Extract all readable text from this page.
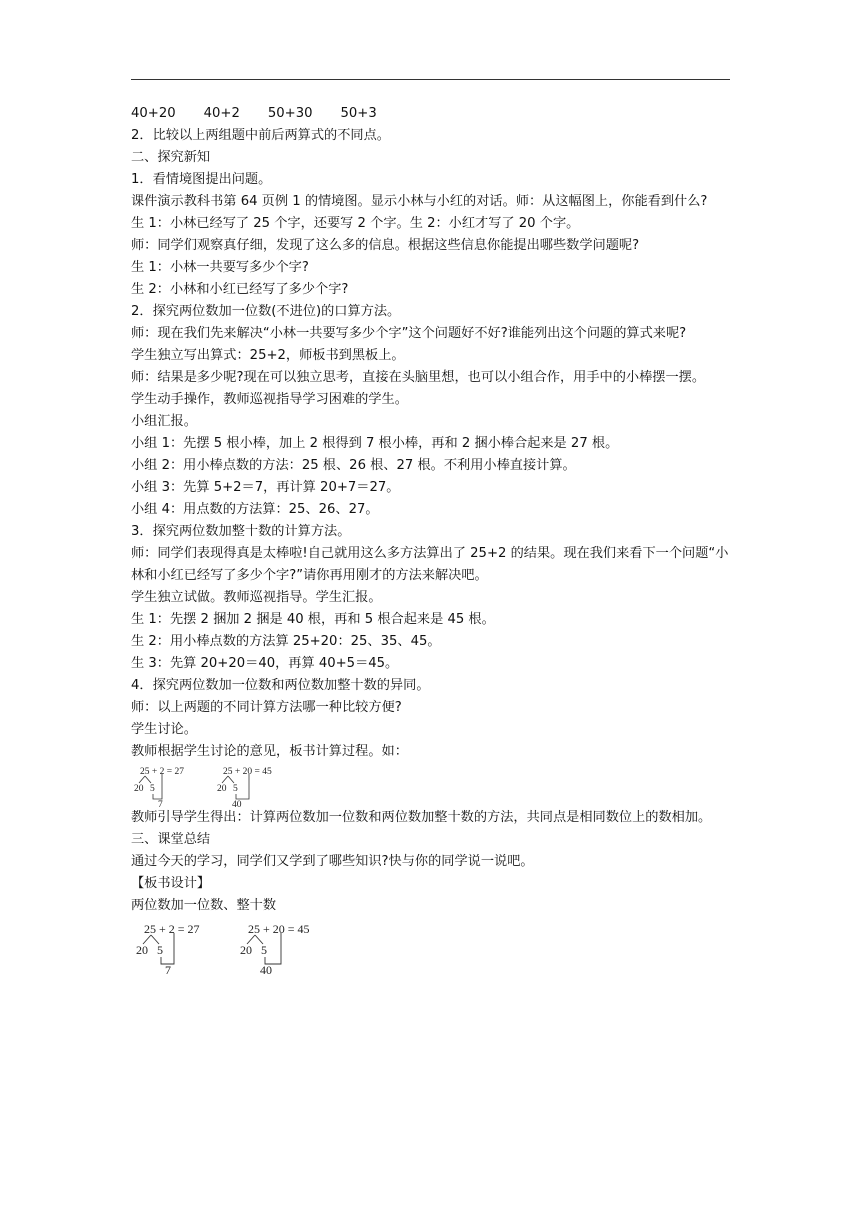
40+20 40+2 50+30 50+3

2．比较以上两组题中前后两算式的不同点。

二、探究新知

1．看情境图提出问题。

课件演示教科书第 64 页例 1 的情境图。显示小林与小红的对话。师：从这幅图上，你能看到什么?

生 1：小林已经写了 25 个字，还要写 2 个字。生 2：小红才写了 20 个字。

师：同学们观察真仔细，发现了这么多的信息。根据这些信息你能提出哪些数学问题呢?

生 1：小林一共要写多少个字?

生 2：小林和小红已经写了多少个字?

2．探究两位数加一位数(不进位)的口算方法。

师：现在我们先来解决“小林一共要写多少个字”这个问题好不好?谁能列出这个问题的算式来呢?

学生独立写出算式：25+2，师板书到黑板上。

师：结果是多少呢?现在可以独立思考，直接在头脑里想，也可以小组合作，用手中的小棒摆一摆。

学生动手操作，教师巡视指导学习困难的学生。

小组汇报。

小组 1：先摆 5 根小棒，加上 2 根得到 7 根小棒，再和 2 捆小棒合起来是 27 根。

小组 2：用小棒点数的方法：25 根、26 根、27 根。不利用小棒直接计算。

小组 3：先算 5+2＝7，再计算 20+7＝27。

小组 4：用点数的方法算：25、26、27。

3．探究两位数加整十数的计算方法。

师：同学们表现得真是太棒啦!自己就用这么多方法算出了 25+2 的结果。现在我们来看下一个问题“小林和小红已经写了多少个字?”请你再用刚才的方法来解决吧。

学生独立试做。教师巡视指导。学生汇报。

生 1：先摆 2 捆加 2 捆是 40 根，再和 5 根合起来是 45 根。

生 2：用小棒点数的方法算 25+20：25、35、45。

生 3：先算 20+20＝40，再算 40+5＝45。

4．探究两位数加一位数和两位数加整十数的异同。

师：以上两题的不同计算方法哪一种比较方便?

学生讨论。

教师根据学生讨论的意见，板书计算过程。如：

25 + 2 = 27
20 5
7
25 + 20 = 45
20 5
40

教师引导学生得出：计算两位数加一位数和两位数加整十数的方法，共同点是相同数位上的数相加。

三、课堂总结

通过今天的学习，同学们又学到了哪些知识?快与你的同学说一说吧。

【板书设计】

两位数加一位数、整十数

25 + 2 = 27
20 5
7
25 + 20 = 45
20 5
40
